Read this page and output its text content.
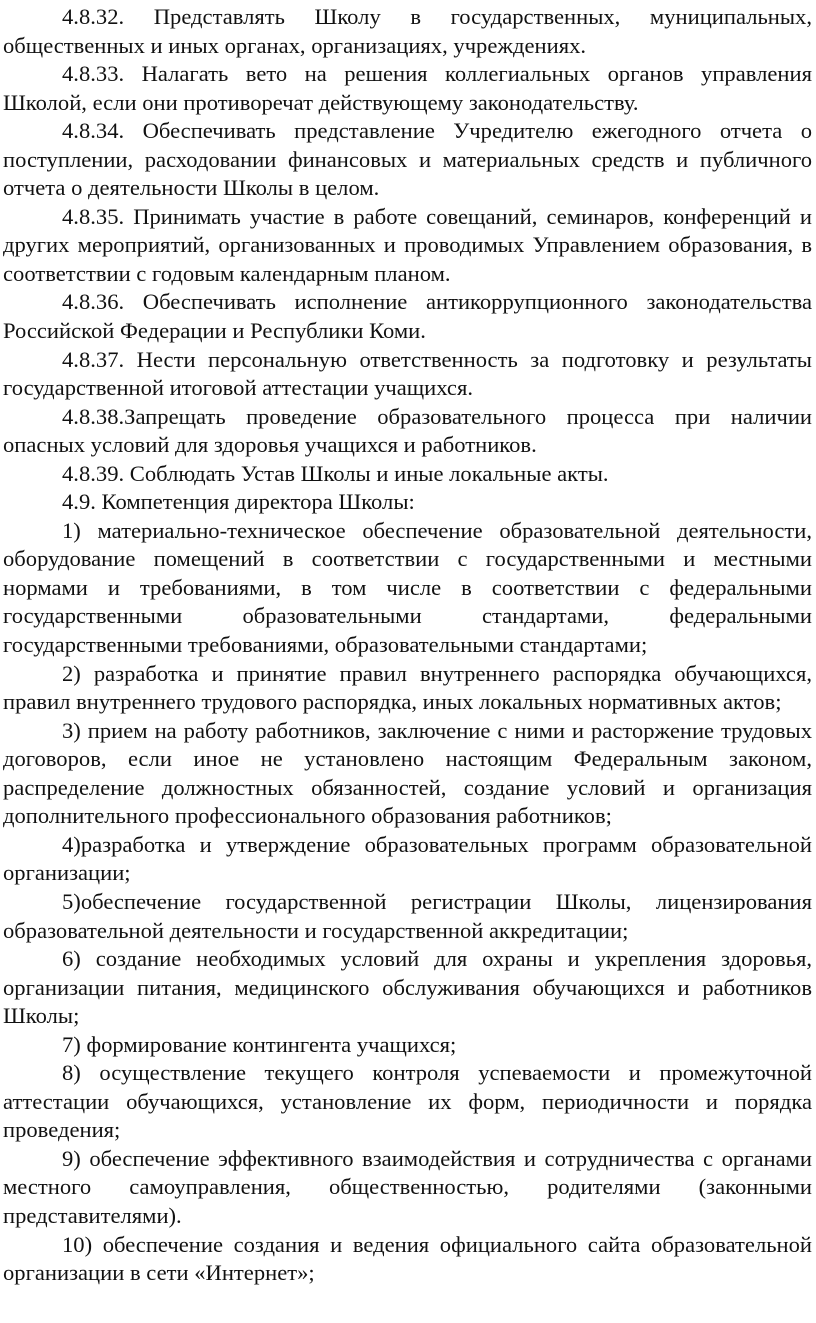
4.8.32. Представлять Школу в государственных, муниципальных, общественных и иных органах, организациях, учреждениях.

4.8.33. Налагать вето на решения коллегиальных органов управления Школой, если они противоречат действующему законодательству.

4.8.34. Обеспечивать представление Учредителю ежегодного отчета о поступлении, расходовании финансовых и материальных средств и публичного отчета о деятельности Школы в целом.

4.8.35. Принимать участие в работе совещаний, семинаров, конференций и других мероприятий, организованных и проводимых Управлением образования, в соответствии с годовым календарным планом.

4.8.36. Обеспечивать исполнение антикоррупционного законодательства Российской Федерации и Республики Коми.

4.8.37. Нести персональную ответственность за подготовку и результаты государственной итоговой аттестации учащихся.

4.8.38.Запрещать проведение образовательного процесса при наличии опасных условий для здоровья учащихся и работников.

4.8.39. Соблюдать Устав Школы и иные локальные акты.

4.9. Компетенция директора Школы:

1) материально-техническое обеспечение образовательной деятельности, оборудование помещений в соответствии с государственными и местными нормами и требованиями, в том числе в соответствии с федеральными государственными образовательными стандартами, федеральными государственными требованиями, образовательными стандартами;

2) разработка и принятие правил внутреннего распорядка обучающихся, правил внутреннего трудового распорядка, иных локальных нормативных актов;

3) прием на работу работников, заключение с ними и расторжение трудовых договоров, если иное не установлено настоящим Федеральным законом, распределение должностных обязанностей, создание условий и организация дополнительного профессионального образования работников;

4)разработка и утверждение образовательных программ образовательной организации;

5)обеспечение государственной регистрации Школы, лицензирования образовательной деятельности и государственной аккредитации;

6) создание необходимых условий для охраны и укрепления здоровья, организации питания, медицинского обслуживания обучающихся и работников Школы;

7) формирование контингента учащихся;

8) осуществление текущего контроля успеваемости и промежуточной аттестации обучающихся, установление их форм, периодичности и порядка проведения;

9) обеспечение эффективного взаимодействия и сотрудничества с органами местного самоуправления, общественностью, родителями (законными представителями).

10) обеспечение создания и ведения официального сайта образовательной организации в сети «Интернет»;
